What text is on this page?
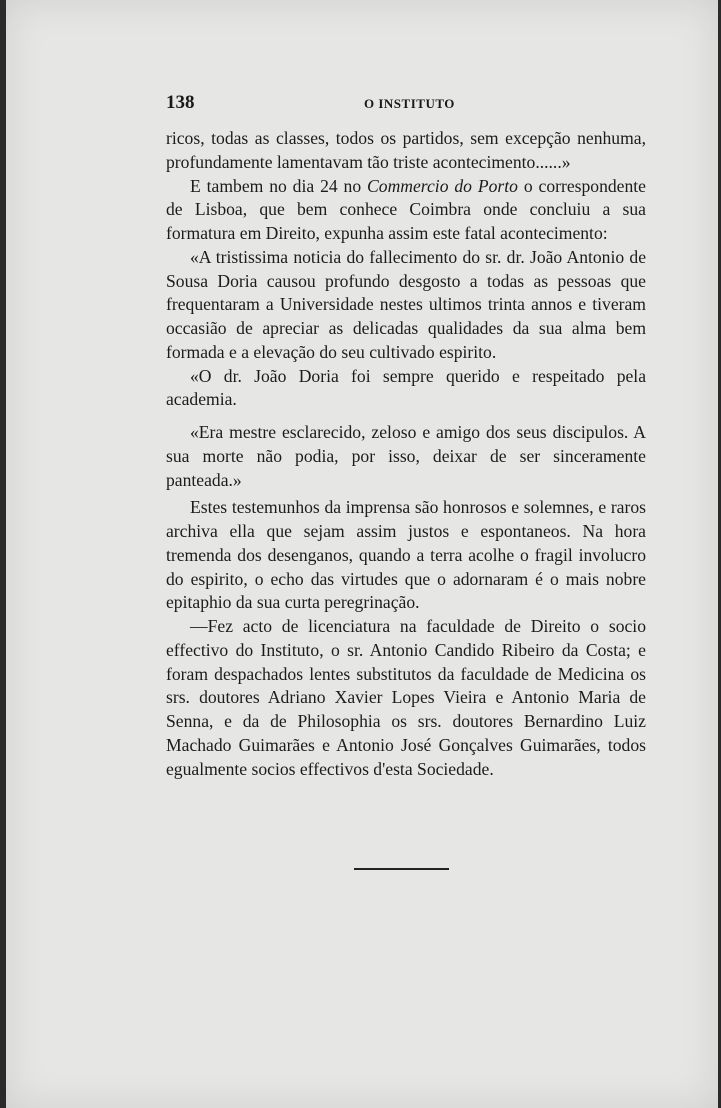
138	O INSTITUTO

ricos, todas as classes, todos os partidos, sem excepção nenhuma, profundamente lamentavam tão triste acontecimento......»

E tambem no dia 24 no Commercio do Porto o correspondente de Lisboa, que bem conhece Coimbra onde concluiu a sua formatura em Direito, expunha assim este fatal acontecimento:

«A tristissima noticia do fallecimento do sr. dr. João Antonio de Sousa Doria causou profundo desgosto a todas as pessoas que frequentaram a Universidade nestes ultimos trinta annos e tiveram occasião de apreciar as delicadas qualidades da sua alma bem formada e a elevação do seu cultivado espirito.

«O dr. João Doria foi sempre querido e respeitado pela academia.

«Era mestre esclarecido, zeloso e amigo dos seus discipulos. A sua morte não podia, por isso, deixar de ser sinceramente panteada.»

Estes testemunhos da imprensa são honrosos e solemnes, e raros archiva ella que sejam assim justos e espontaneos. Na hora tremenda dos desenganos, quando a terra acolhe o fragil involucro do espirito, o echo das virtudes que o adornaram é o mais nobre epitaphio da sua curta peregrinação.

—Fez acto de licenciatura na faculdade de Direito o socio effectivo do Instituto, o sr. Antonio Candido Ribeiro da Costa; e foram despachados lentes substitutos da faculdade de Medicina os srs. doutores Adriano Xavier Lopes Vieira e Antonio Maria de Senna, e da de Philosophia os srs. doutores Bernardino Luiz Machado Guimarães e Antonio José Gonçalves Guimarães, todos egualmente socios effectivos d'esta Sociedade.
